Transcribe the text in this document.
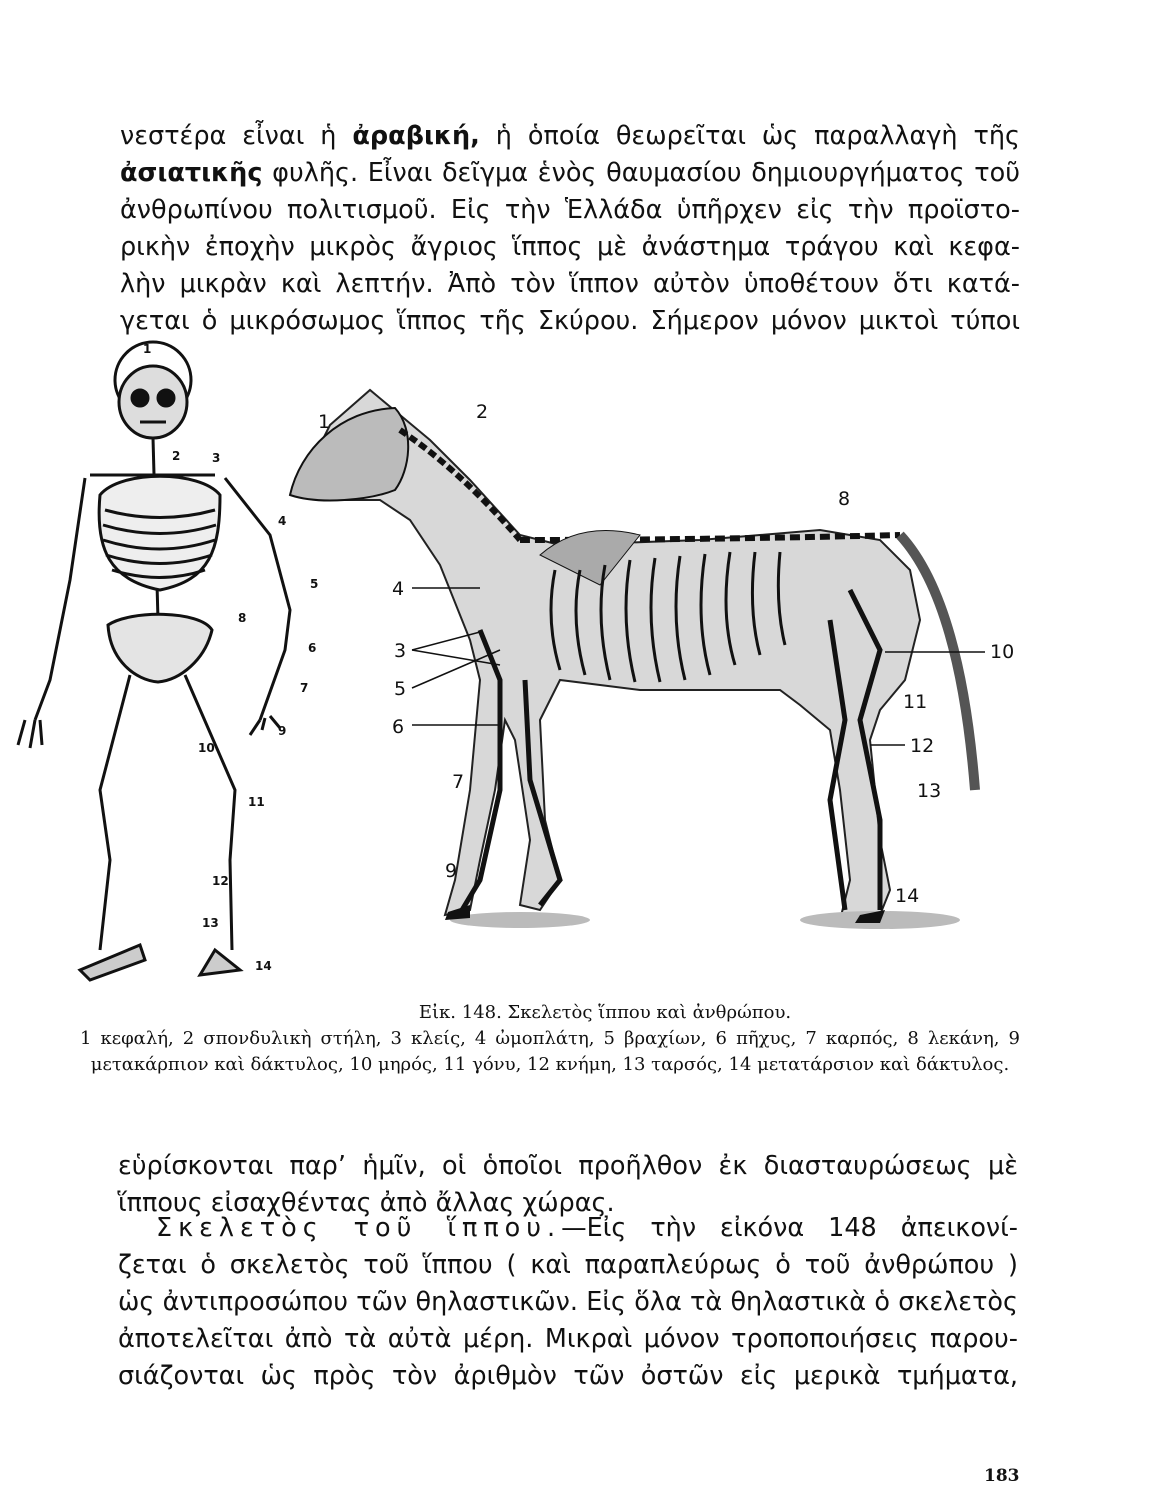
νεστέρα εἶναι ἡ ἀραβική, ἡ ὁποία θεωρεῖται ὡς παραλλαγὴ τῆς
ἀσιατικῆς φυλῆς. Εἶναι δεῖγμα ἑνὸς θαυμασίου δημιουργήματος τοῦ
ἀνθρωπίνου πολιτισμοῦ. Εἰς τὴν Ἑλλάδα ὑπῆρχεν εἰς τὴν προϊστο-
ρικὴν ἐποχὴν μικρὸς ἄγριος ἵππος μὲ ἀνάστημα τράγου καὶ κεφα-
λὴν μικρὰν καὶ λεπτήν. Ἀπὸ τὸν ἵππον αὐτὸν ὑποθέτουν ὅτι κατά-
γεται ὁ μικρόσωμος ἵππος τῆς Σκύρου. Σήμερον μόνον μικτοὶ τύποι
1
2	3
4
5
6
7
8
9
10
11
12
13
14
1	2
3
4
5
6
7
8
9
10
11
12
13
14
Εἰκ. 148. Σκελετὸς ἵππου καὶ ἀνθρώπου.
1 κεφαλή, 2 σπονδυλικὴ στήλη, 3 κλείς, 4 ὠμοπλάτη, 5 βραχίων, 6 πῆχυς, 7 καρπός, 8 λεκάνη, 9 μετακάρπιον καὶ δάκτυλος, 10 μηρός, 11 γόνυ, 12 κνήμη, 13 ταρσός, 14 μετατάρσιον καὶ δάκτυλος.
εὑρίσκονται παρ’ ἡμῖν, οἱ ὁποῖοι προῆλθον ἐκ διασταυρώσεως μὲ
ἵππους εἰσαχθέντας ἀπὸ ἄλλας χώρας.
Σκελετὸς τοῦ ἵππου.—Εἰς τὴν εἰκόνα 148 ἀπεικονί-
ζεται ὁ σκελετὸς τοῦ ἵππου ( καὶ παραπλεύρως ὁ τοῦ ἀνθρώπου )
ὡς ἀντιπροσώπου τῶν θηλαστικῶν. Εἰς ὅλα τὰ θηλαστικὰ ὁ σκελετὸς
ἀποτελεῖται ἀπὸ τὰ αὐτὰ μέρη. Μικραὶ μόνον τροποποιήσεις παρου-
σιάζονται ὡς πρὸς τὸν ἀριθμὸν τῶν ὀστῶν εἰς μερικὰ τμήματα,
183
